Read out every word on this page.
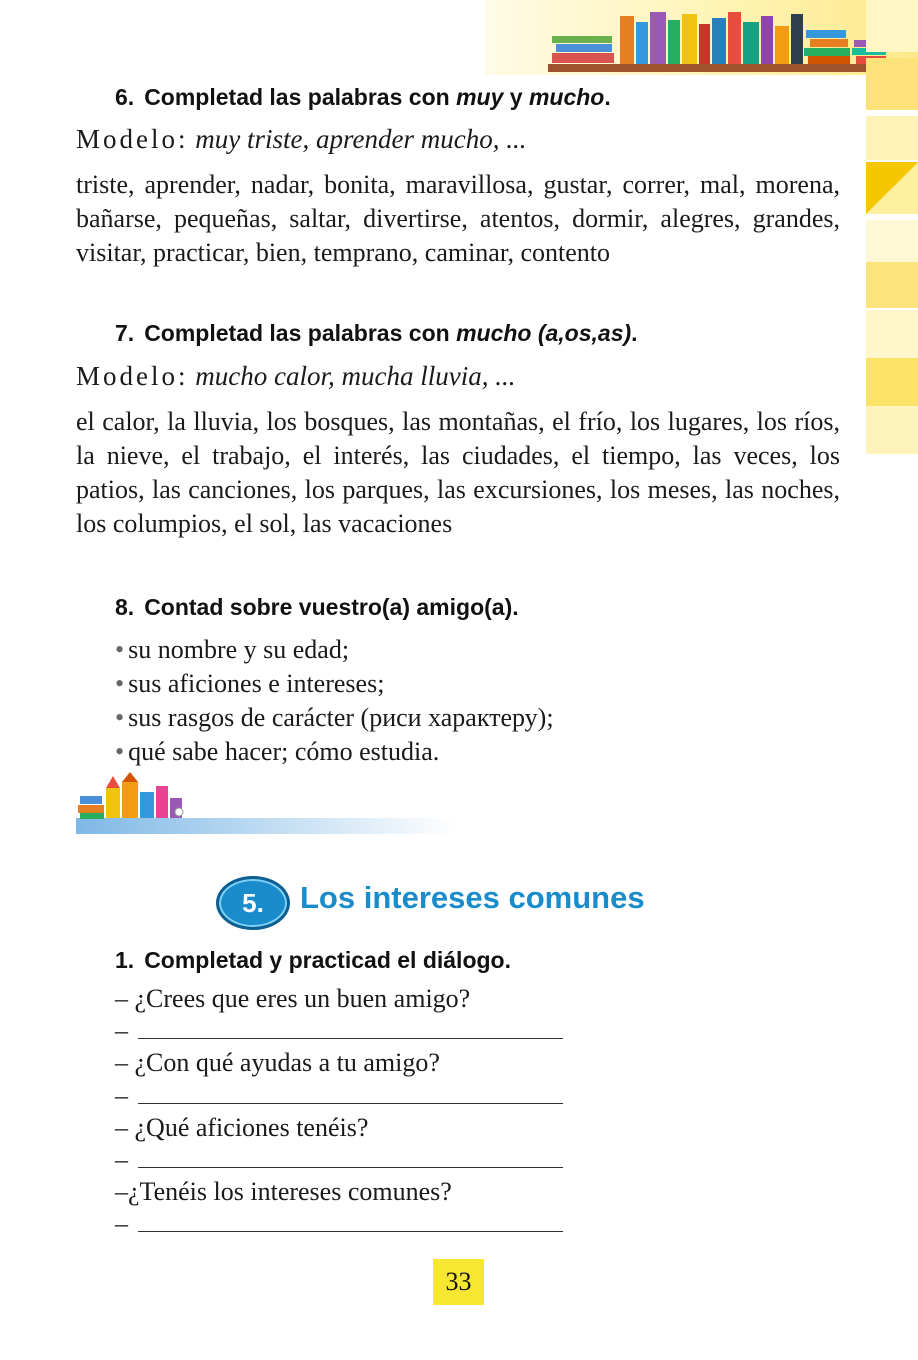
6. Completad las palabras con muy y mucho.
Modelo: muy triste, aprender mucho, ...
triste, aprender, nadar, bonita, maravillosa, gustar, correr, mal, morena, bañarse, pequeñas, saltar, divertirse, atentos, dormir, alegres, grandes, visitar, practicar, bien, temprano, caminar, contento
7. Completad las palabras con mucho (a,os,as).
Modelo: mucho calor, mucha lluvia, ...
el calor, la lluvia, los bosques, las montañas, el frío, los lugares, los ríos, la nieve, el trabajo, el interés, las ciudades, el tiempo, las veces, los patios, las canciones, los parques, las excursiones, los meses, las noches, los columpios, el sol, las vacaciones
8. Contad sobre vuestro(a) amigo(a).
• su nombre y su edad;
• sus aficiones e intereses;
• sus rasgos de carácter (риси характеру);
• qué sabe hacer; cómo estudia.
5.	Los intereses comunes
1. Completad y practicad el diálogo.
– ¿Crees que eres un buen amigo?
–
– ¿Con qué ayudas a tu amigo?
–
– ¿Qué aficiones tenéis?
–
–¿Tenéis los intereses comunes?
–
33
